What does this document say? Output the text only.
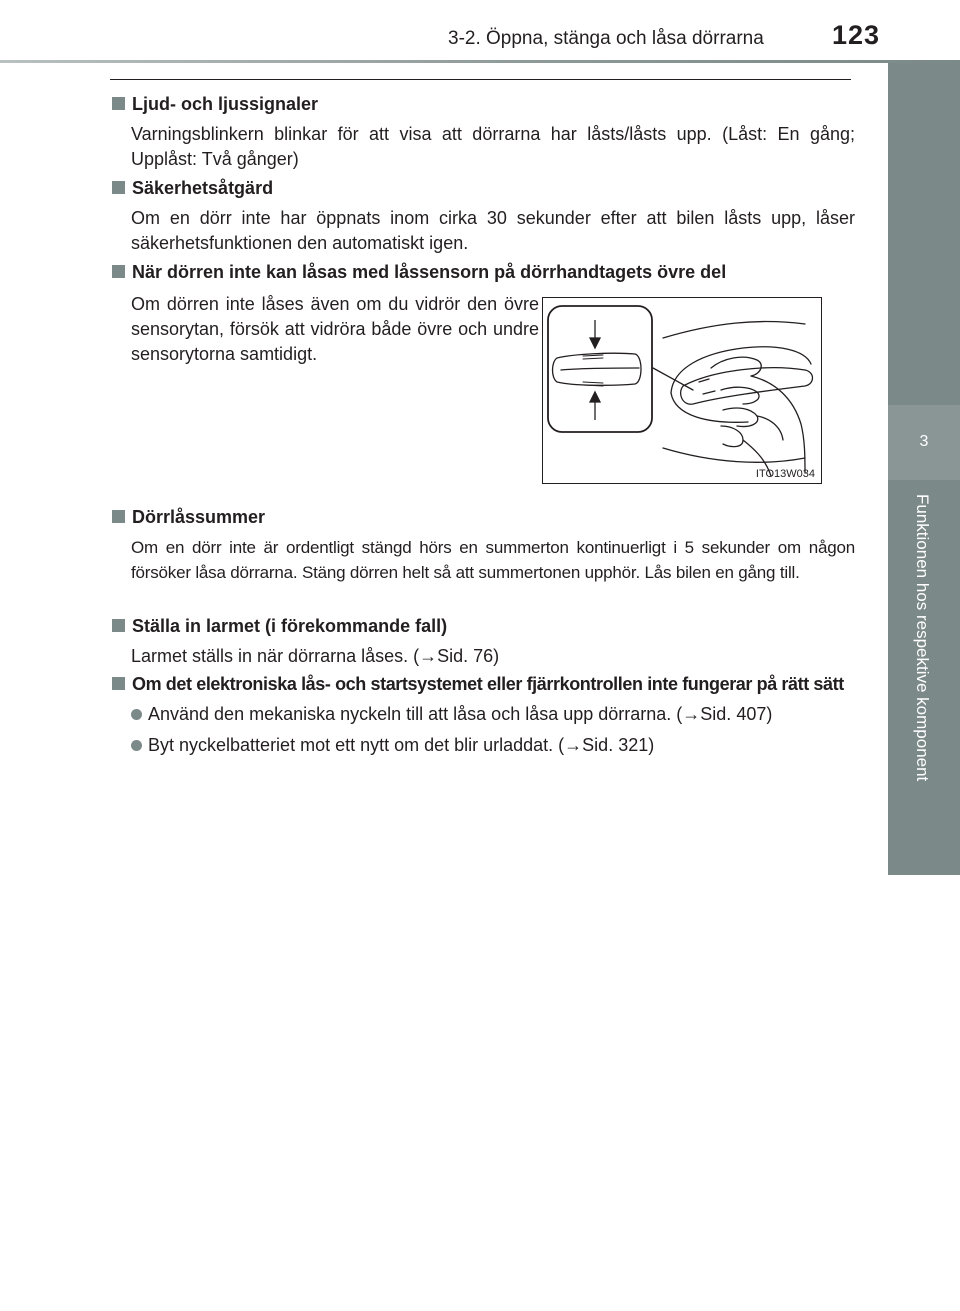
3-2. Öppna, stänga och låsa dörrarna	123
3
Funktionen hos respektive komponent
Ljud- och ljussignaler
Varningsblinkern blinkar för att visa att dörrarna har låsts/låsts upp. (Låst: En gång; Upplåst: Två gånger)
Säkerhetsåtgärd
Om en dörr inte har öppnats inom cirka 30 sekunder efter att bilen låsts upp, låser säkerhetsfunktionen den automatiskt igen.
När dörren inte kan låsas med låssensorn på dörrhandtagets övre del
Om dörren inte låses även om du vidrör den övre sensorytan, försök att vidröra både övre och undre sensorytorna samtidigt.
ITO13W034
Dörrlåssummer
Om en dörr inte är ordentligt stängd hörs en summerton kontinuerligt i 5 sekunder om någon försöker låsa dörrarna. Stäng dörren helt så att summertonen upphör. Lås bilen en gång till.
Ställa in larmet (i förekommande fall)
Larmet ställs in när dörrarna låses. (→Sid. 76)
Om det elektroniska lås- och startsystemet eller fjärrkontrollen inte fungerar på rätt sätt
Använd den mekaniska nyckeln till att låsa och låsa upp dörrarna. (→Sid. 407)
Byt nyckelbatteriet mot ett nytt om det blir urladdat. (→Sid. 321)
